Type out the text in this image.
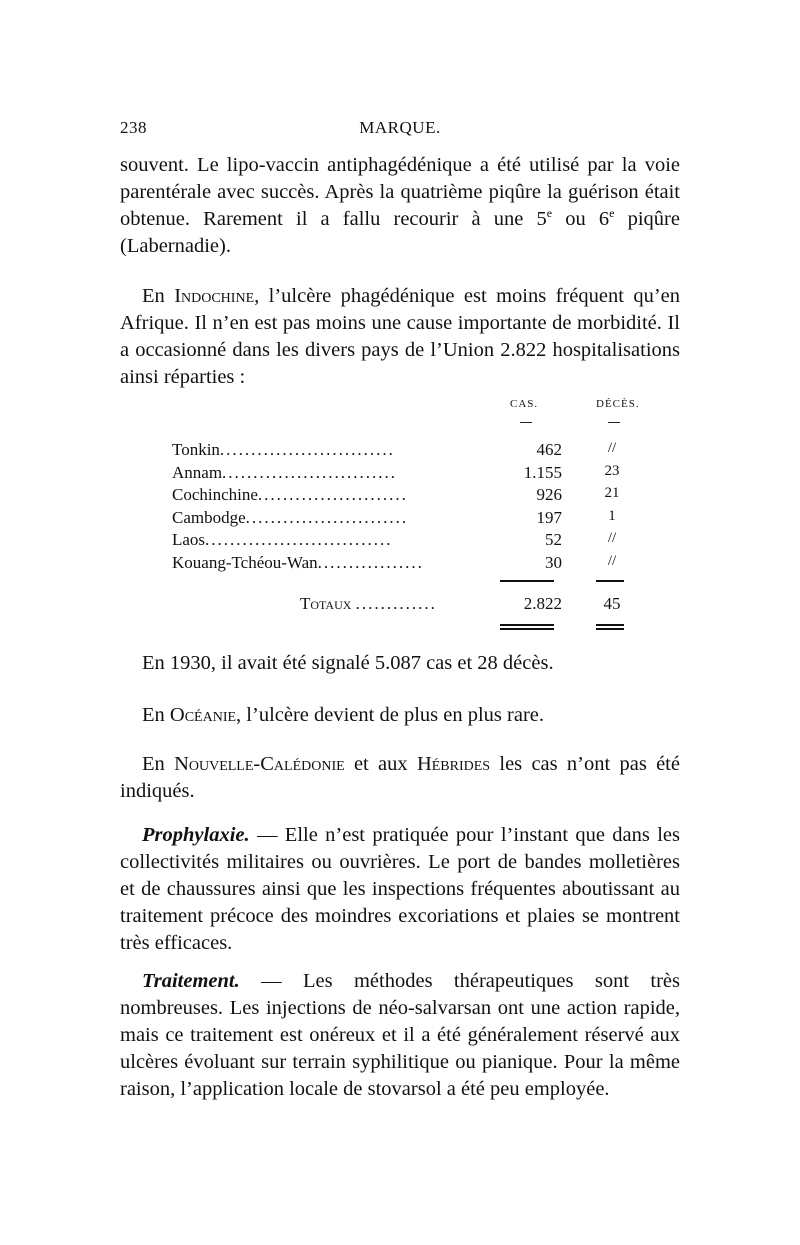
238	MARQUE.

souvent. Le lipo-vaccin antiphagédénique a été utilisé par la voie parentérale avec succès. Après la quatrième piqûre la guérison était obtenue. Rarement il a fallu recourir à une 5e ou 6e piqûre (Labernadie).

En Indochine, l’ulcère phagédénique est moins fréquent qu’en Afrique. Il n’en est pas moins une cause importante de morbidité. Il a occasionné dans les divers pays de l’Union 2.822 hospitalisations ainsi réparties :

CAS.	DÉCÈS.
Tonkin............................	462	//
Annam............................	1.155	23
Cochinchine........................	926	21
Cambodge..........................	197	1
Laos..............................	52	//
Kouang-Tchéou-Wan.................	30	//
Totaux .............	2.822	45

En 1930, il avait été signalé 5.087 cas et 28 décès.

En Océanie, l’ulcère devient de plus en plus rare.

En Nouvelle-Calédonie et aux Hébrides les cas n’ont pas été indiqués.

Prophylaxie. — Elle n’est pratiquée pour l’instant que dans les collectivités militaires ou ouvrières. Le port de bandes molletières et de chaussures ainsi que les inspections fréquentes aboutissant au traitement précoce des moindres excoriations et plaies se montrent très efficaces.

Traitement. — Les méthodes thérapeutiques sont très nombreuses. Les injections de néo-salvarsan ont une action rapide, mais ce traitement est onéreux et il a été généralement réservé aux ulcères évoluant sur terrain syphilitique ou pianique. Pour la même raison, l’application locale de stovarsol a été peu employée.
